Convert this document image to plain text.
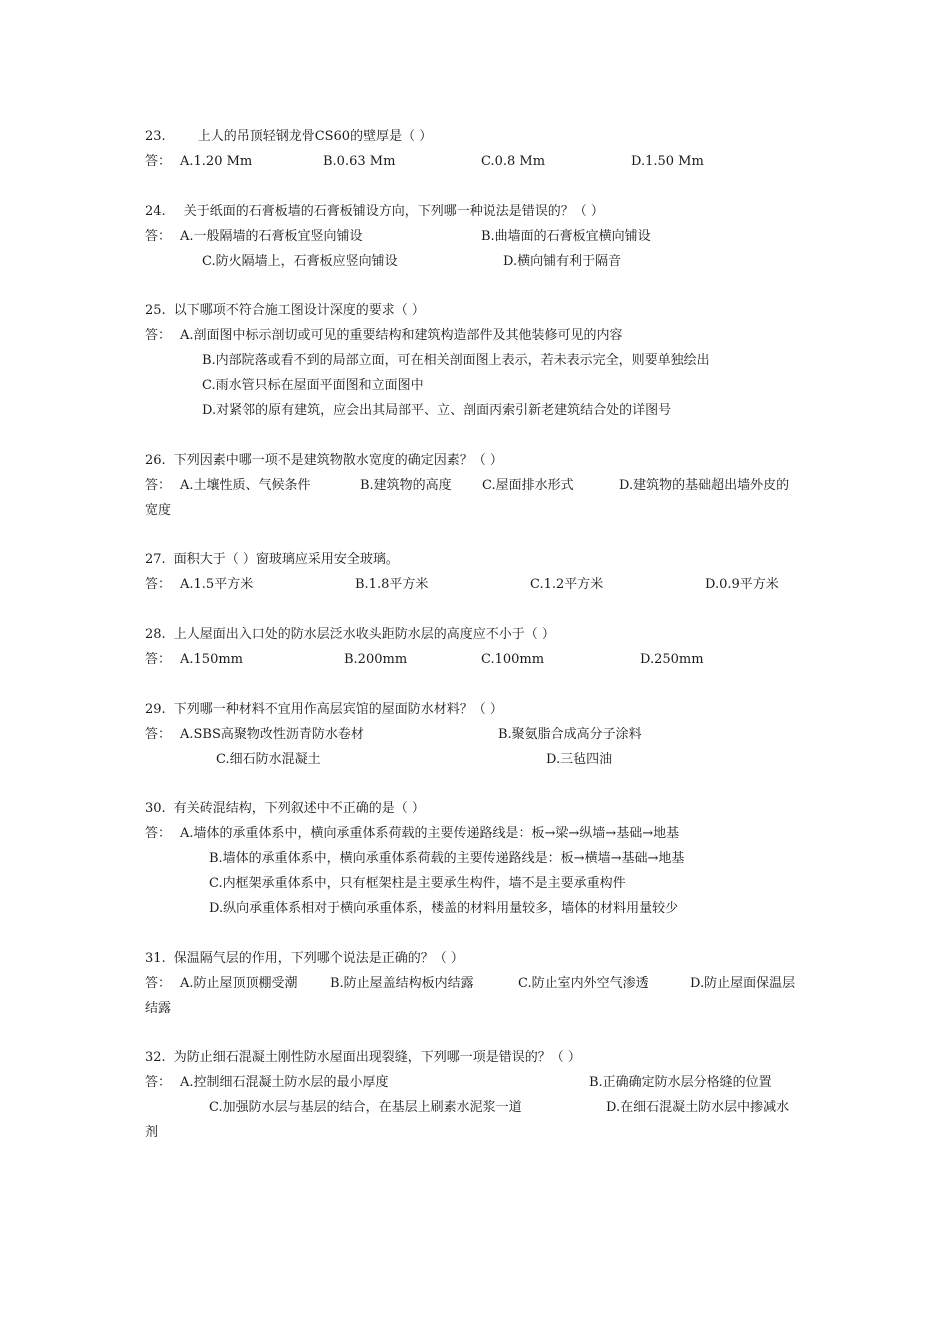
23. 上人的吊顶轻钢龙骨CS60的壁厚是（ ）
答： A.1.20 Mm	B.0.63 Mm	C.0.8 Mm	D.1.50 Mm
24. 关于纸面的石膏板墙的石膏板铺设方向，下列哪一种说法是错误的？（ ）
答： A.一般隔墙的石膏板宜竖向铺设	B.曲墙面的石膏板宜横向铺设
C.防火隔墙上，石膏板应竖向铺设	D.横向铺有利于隔音
25. 以下哪项不符合施工图设计深度的要求（ ）
答： A.剖面图中标示剖切或可见的重要结构和建筑构造部件及其他装修可见的内容
B.内部院落或看不到的局部立面，可在相关剖面图上表示，若未表示完全，则要单独绘出
C.雨水管只标在屋面平面图和立面图中
D.对紧邻的原有建筑，应会出其局部平、立、剖面丙索引新老建筑结合处的详图号
26. 下列因素中哪一项不是建筑物散水宽度的确定因素？（ ）
答： A.土壤性质、气候条件	B.建筑物的高度 C.屋面排水形式	D.建筑物的基础超出墙外皮的
宽度
27. 面积大于（ ）窗玻璃应采用安全玻璃。
答： A.1.5平方米	B.1.8平方米	C.1.2平方米	D.0.9平方米
28. 上人屋面出入口处的防水层泛水收头距防水层的高度应不小于（ ）
答： A.150mm	B.200mm	C.100mm	D.250mm
29. 下列哪一种材料不宜用作高层宾馆的屋面防水材料？（ ）
答： A.SBS高聚物改性沥青防水卷材	B.聚氨脂合成高分子涂料
C.细石防水混凝土	D.三毡四油
30. 有关砖混结构，下列叙述中不正确的是（ ）
答： A.墙体的承重体系中，横向承重体系荷载的主要传递路线是：板→梁→纵墙→基础→地基
B.墙体的承重体系中，横向承重体系荷载的主要传递路线是：板→横墙→基础→地基
C.内框架承重体系中，只有框架柱是主要承生构件，墙不是主要承重构件
D.纵向承重体系相对于横向承重体系，楼盖的材料用量较多，墙体的材料用量较少
31. 保温隔气层的作用，下列哪个说法是正确的？（ ）
答： A.防止屋顶顶棚受潮 B.防止屋盖结构板内结露	C.防止室内外空气渗透	D.防止屋面保温层
结露
32. 为防止细石混凝土刚性防水屋面出现裂缝，下列哪一项是错误的？（ ）
答： A.控制细石混凝土防水层的最小厚度	B.正确确定防水层分格缝的位置
C.加强防水层与基层的结合，在基层上刷素水泥浆一道	D.在细石混凝土防水层中掺减水
剂
